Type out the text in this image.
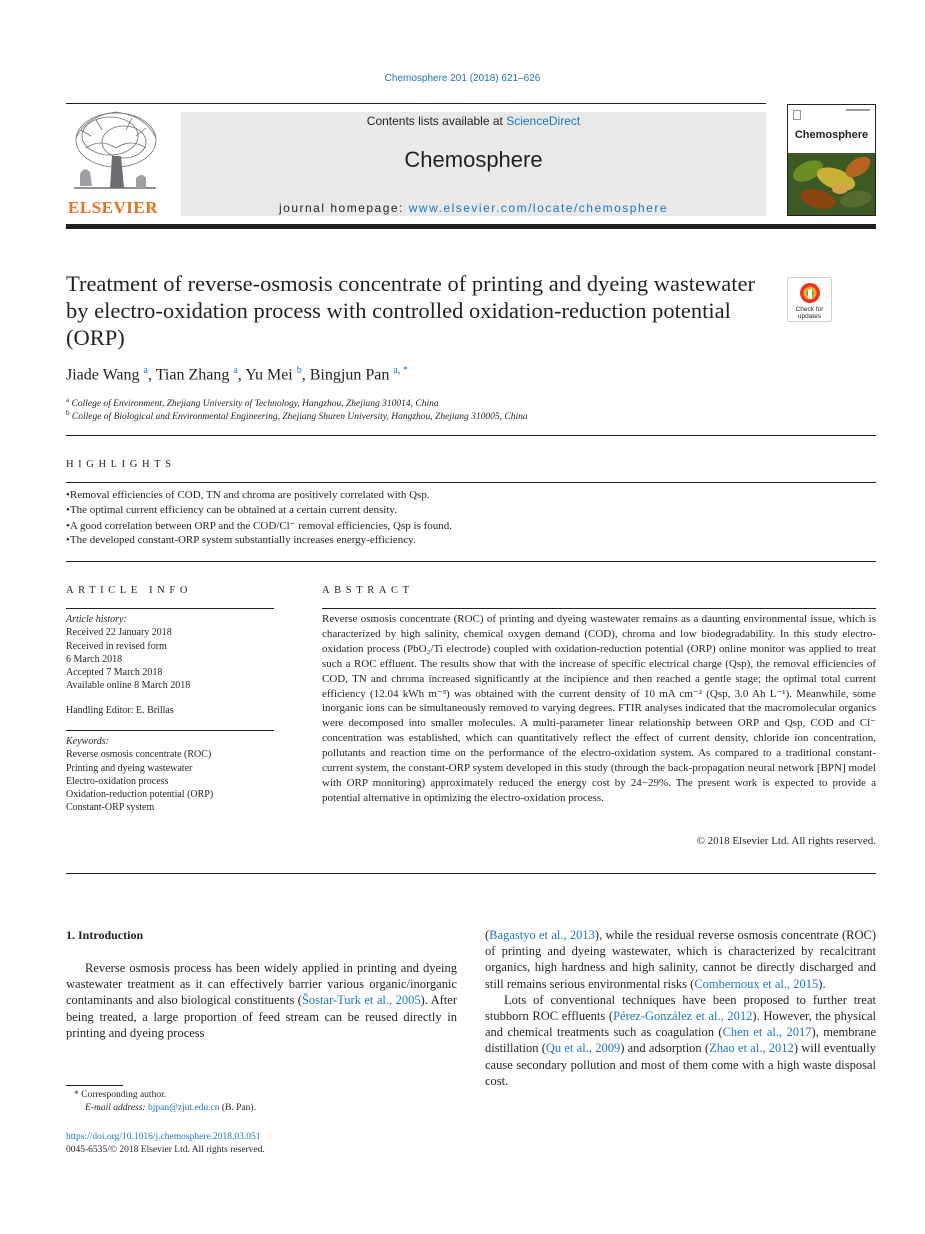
Chemosphere 201 (2018) 621–626
ELSEVIER
Contents lists available at ScienceDirect
Chemosphere
journal homepage: www.elsevier.com/locate/chemosphere
Chemosphere
Treatment of reverse-osmosis concentrate of printing and dyeing wastewater by electro-oxidation process with controlled oxidation-reduction potential (ORP)
Check for updates
Jiade Wang $^a$, Tian Zhang $^a$, Yu Mei $^b$, Bingjun Pan $^{a, *}$
$^a$ College of Environment, Zhejiang University of Technology, Hangzhou, Zhejiang 310014, China
$^b$ College of Biological and Environmental Engineering, Zhejiang Shuren University, Hangzhou, Zhejiang 310005, China
HIGHLIGHTS
•Removal efficiencies of COD, TN and chroma are positively correlated with Qsp.
•The optimal current efficiency can be obtained at a certain current density.
•A good correlation between ORP and the COD/Cl⁻ removal efficiencies, Qsp is found.
•The developed constant-ORP system substantially increases energy-efficiency.
ARTICLE INFO
Article history:
Received 22 January 2018
Received in revised form
6 March 2018
Accepted 7 March 2018
Available online 8 March 2018
Handling Editor: E. Brillas
Keywords:
Reverse osmosis concentrate (ROC)
Printing and dyeing wastewater
Electro-oxidation process
Oxidation-reduction potential (ORP)
Constant-ORP system
ABSTRACT
Reverse osmosis concentrate (ROC) of printing and dyeing wastewater remains as a daunting environmental issue, which is characterized by high salinity, chemical oxygen demand (COD), chroma and low biodegradability. In this study electro-oxidation process (PbO₂/Ti electrode) coupled with oxidation-reduction potential (ORP) online monitor was applied to treat such a ROC effluent. The results show that with the increase of specific electrical charge (Qsp), the removal efficiencies of COD, TN and chroma increased significantly at the incipience and then reached a gentle stage; the optimal total current efficiency (12.04 kWh m⁻³) was obtained with the current density of 10 mA cm⁻² (Qsp, 3.0 Ah L⁻¹). Meanwhile, some inorganic ions can be simultaneously removed to varying degrees. FTIR analyses indicated that the macromolecular organics were decomposed into smaller molecules. A multi-parameter linear relationship between ORP and Qsp, COD and Cl⁻ concentration was established, which can quantitatively reflect the effect of current density, chloride ion concentration, pollutants and reaction time on the performance of the electro-oxidation system. As compared to a traditional constant-current system, the constant-ORP system developed in this study (through the back-propagation neural network [BPN] model with ORP monitoring) approximately reduced the energy cost by 24−29%. The present work is expected to provide a potential alternative in optimizing the electro-oxidation process.
© 2018 Elsevier Ltd. All rights reserved.
1. Introduction

Reverse osmosis process has been widely applied in printing and dyeing wastewater treatment as it can effectively barrier various organic/inorganic contaminants and also biological constituents (Šostar-Turk et al., 2005). After being treated, a large proportion of feed stream can be reused directly in printing and dyeing process

(Bagastyo et al., 2013), while the residual reverse osmosis concentrate (ROC) of printing and dyeing wastewater, which is characterized by recalcitrant organics, high hardness and high salinity, cannot be directly discharged and still remains serious environmental risks (Combernoux et al., 2015).

Lots of conventional techniques have been proposed to further treat stubborn ROC effluents (Pérez-González et al., 2012). However, the physical and chemical treatments such as coagulation (Chen et al., 2017), membrane distillation (Qu et al., 2009) and adsorption (Zhao et al., 2012) will eventually cause secondary pollution and most of them come with a high waste disposal cost.

* Corresponding author.
E-mail address: bjpan@zjut.edu.cn (B. Pan).
https://doi.org/10.1016/j.chemosphere.2018.03.051
0045-6535/© 2018 Elsevier Ltd. All rights reserved.
